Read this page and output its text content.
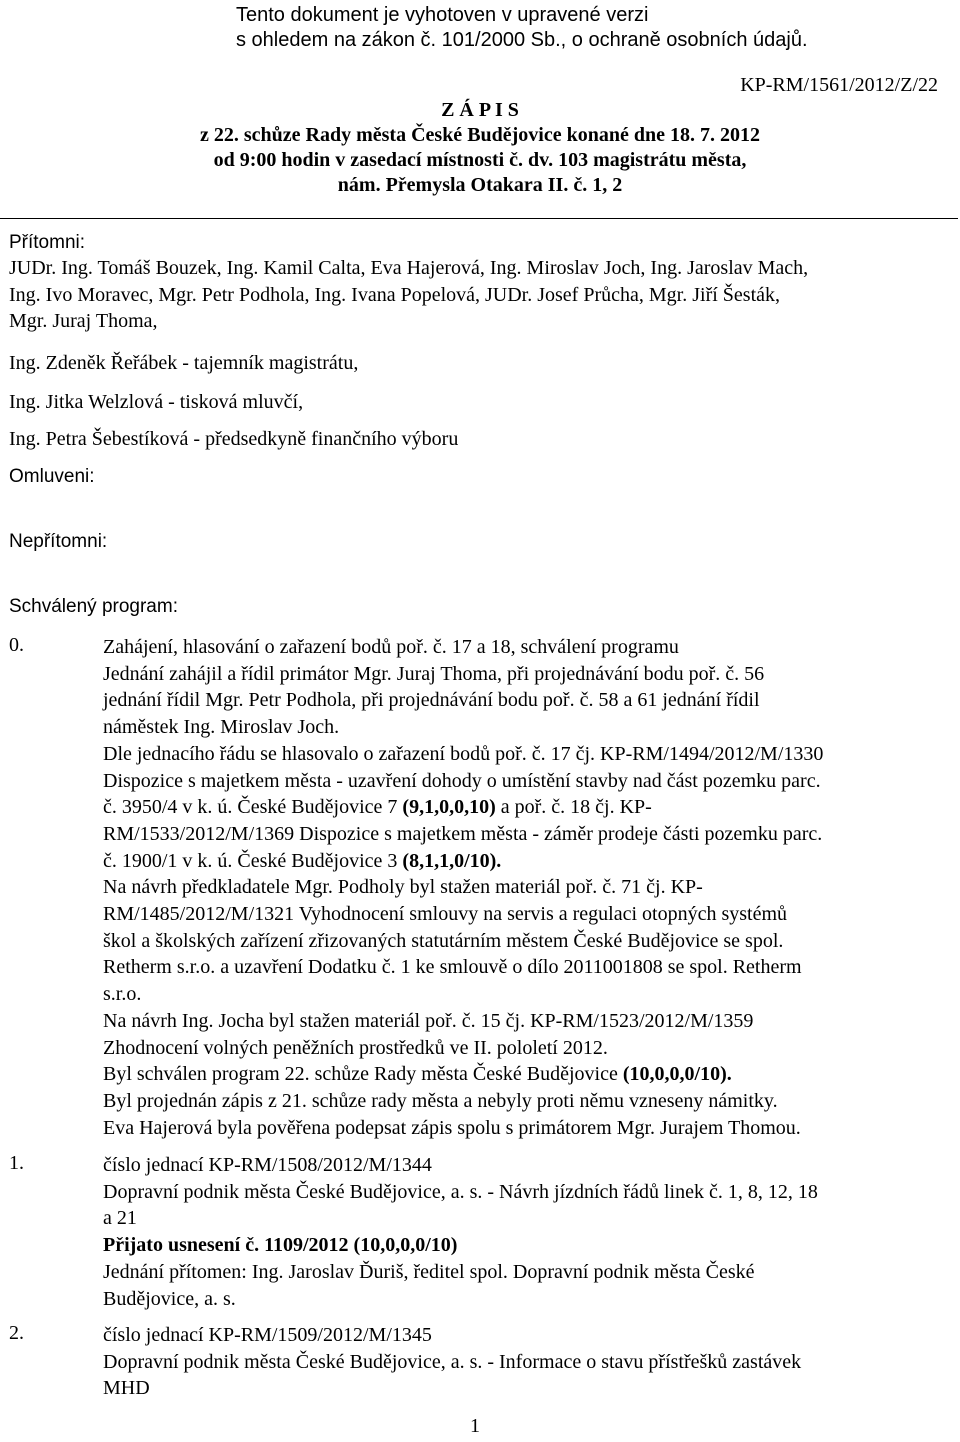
Tento dokument je vyhotoven v upravené verzi
s ohledem na zákon č. 101/2000 Sb., o ochraně osobních údajů.
KP-RM/1561/2012/Z/22
Z Á P I S
z 22. schůze Rady města České Budějovice konané dne 18. 7. 2012
od 9:00 hodin v zasedací místnosti č. dv. 103 magistrátu města,
nám. Přemysla Otakara II. č. 1, 2
Přítomni:
JUDr. Ing. Tomáš Bouzek, Ing. Kamil Calta, Eva Hajerová, Ing. Miroslav Joch, Ing. Jaroslav Mach,
Ing. Ivo Moravec, Mgr. Petr Podhola, Ing. Ivana Popelová, JUDr. Josef Průcha, Mgr. Jiří Šesták,
Mgr. Juraj Thoma,
Ing. Zdeněk Řeřábek - tajemník magistrátu,
Ing. Jitka Welzlová - tisková mluvčí,
Ing. Petra Šebestíková - předsedkyně finančního výboru
Omluveni:
Nepřítomni:
Schválený program:
0.	Zahájení, hlasování o zařazení bodů poř. č. 17 a 18, schválení programu
Jednání zahájil a řídil primátor Mgr. Juraj Thoma, při projednávání bodu poř. č. 56
jednání řídil Mgr. Petr Podhola, při projednávání bodu poř. č. 58 a 61 jednání řídil
náměstek Ing. Miroslav Joch.
Dle jednacího řádu se hlasovalo o zařazení bodů poř. č. 17 čj. KP-RM/1494/2012/M/1330
Dispozice s majetkem města - uzavření dohody o umístění stavby nad část pozemku parc.
č. 3950/4 v k. ú. České Budějovice 7 (9,1,0,0,10) a poř. č. 18 čj. KP-
RM/1533/2012/M/1369 Dispozice s majetkem města - záměr prodeje části pozemku parc.
č. 1900/1 v k. ú. České Budějovice 3 (8,1,1,0/10).
Na návrh předkladatele Mgr. Podholy byl stažen materiál poř. č. 71 čj. KP-
RM/1485/2012/M/1321 Vyhodnocení smlouvy na servis a regulaci otopných systémů
škol a školských zařízení zřizovaných statutárním městem České Budějovice se spol.
Retherm s.r.o. a uzavření Dodatku č. 1 ke smlouvě o dílo 2011001808 se spol. Retherm
s.r.o.
Na návrh Ing. Jocha byl stažen materiál poř. č. 15 čj. KP-RM/1523/2012/M/1359
Zhodnocení volných peněžních prostředků ve II. pololetí 2012.
Byl schválen program 22. schůze Rady města České Budějovice (10,0,0,0/10).
Byl projednán zápis z 21. schůze rady města a nebyly proti němu vzneseny námitky.
Eva Hajerová byla pověřena podepsat zápis spolu s primátorem Mgr. Jurajem Thomou.
1.	číslo jednací KP-RM/1508/2012/M/1344
Dopravní podnik města České Budějovice, a. s. - Návrh jízdních řádů linek č. 1, 8, 12, 18
a 21
Přijato usnesení č. 1109/2012 (10,0,0,0/10)
Jednání přítomen: Ing. Jaroslav Ďuriš, ředitel spol. Dopravní podnik města České
Budějovice, a. s.
2.	číslo jednací KP-RM/1509/2012/M/1345
Dopravní podnik města České Budějovice, a. s. - Informace o stavu přístřešků zastávek
MHD
1
